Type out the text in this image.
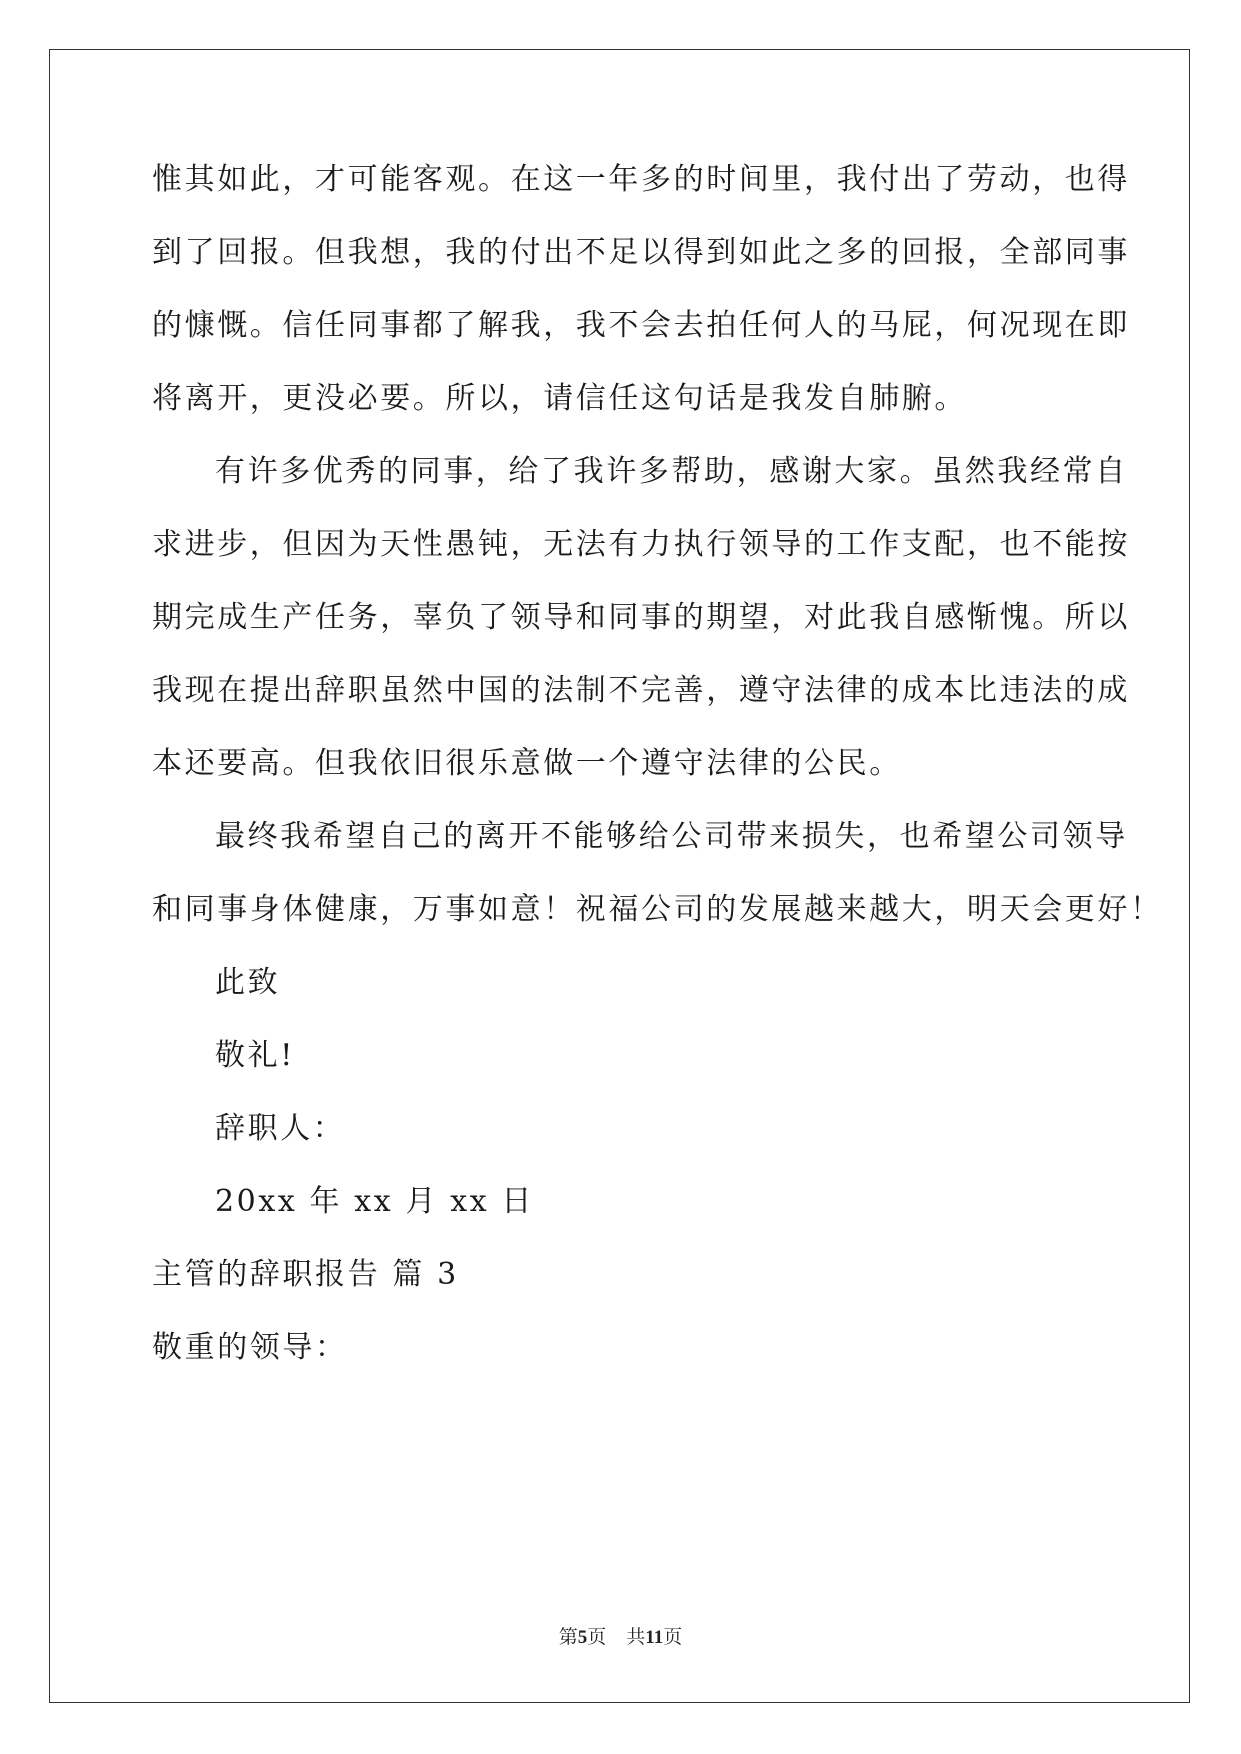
惟其如此，才可能客观。在这一年多的时间里，我付出了劳动，也得
到了回报。但我想，我的付出不足以得到如此之多的回报，全部同事
的慷慨。信任同事都了解我，我不会去拍任何人的马屁，何况现在即
将离开，更没必要。所以，请信任这句话是我发自肺腑。
有许多优秀的同事，给了我许多帮助，感谢大家。虽然我经常自
求进步，但因为天性愚钝，无法有力执行领导的工作支配，也不能按
期完成生产任务，辜负了领导和同事的期望，对此我自感惭愧。所以
我现在提出辞职虽然中国的法制不完善，遵守法律的成本比违法的成
本还要高。但我依旧很乐意做一个遵守法律的公民。
最终我希望自己的离开不能够给公司带来损失，也希望公司领导
和同事身体健康，万事如意！祝福公司的发展越来越大，明天会更好！
此致
敬礼!
辞职人：
20xx 年 xx 月 xx 日
主管的辞职报告 篇 3
敬重的领导：
第5页 共11页
